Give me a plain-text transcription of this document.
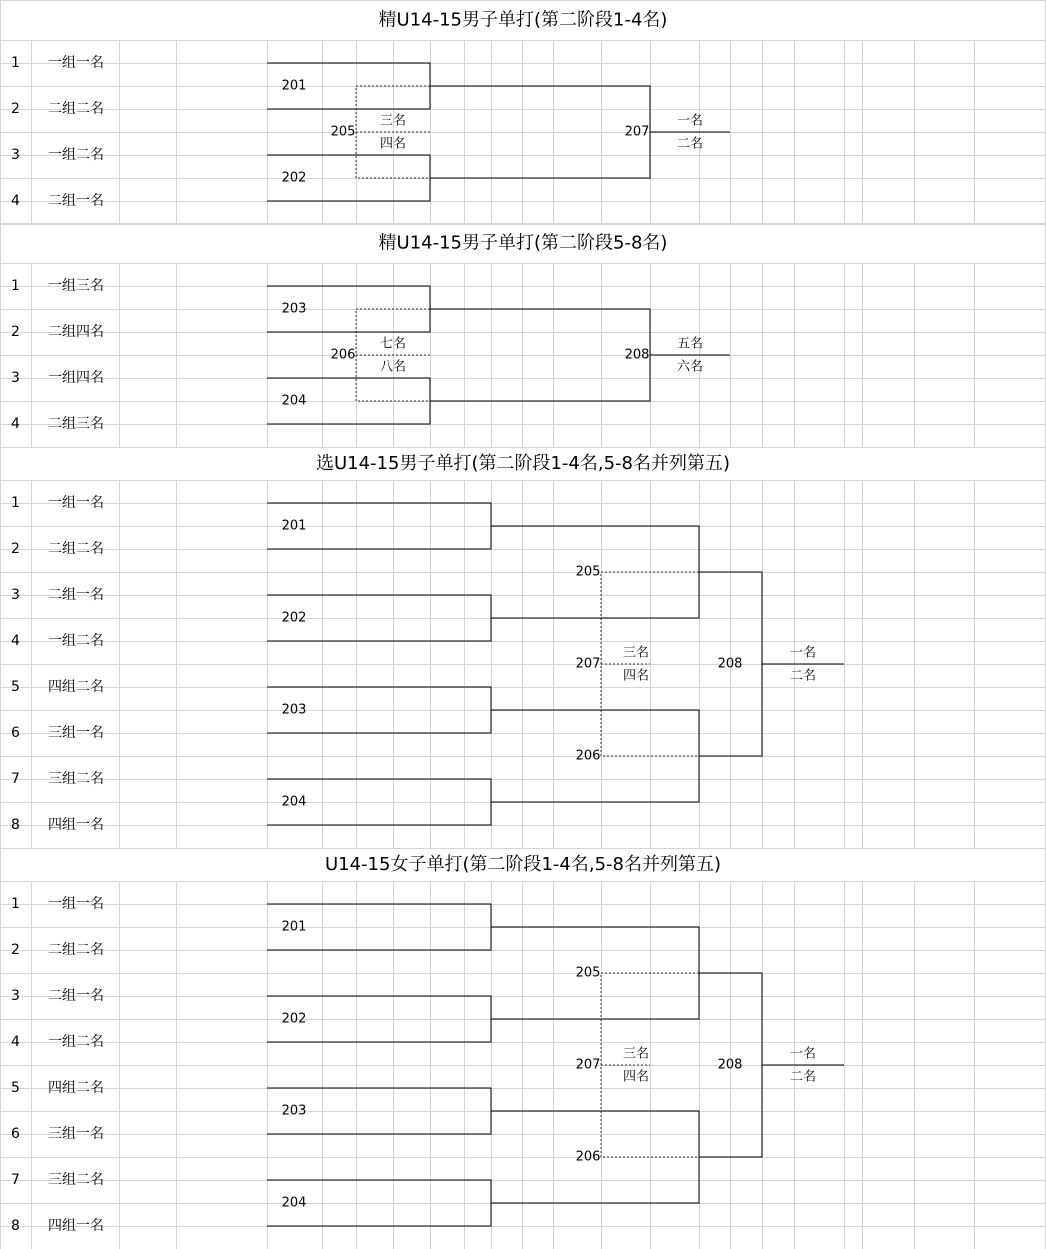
精U14-15男子单打(第二阶段1-4名)
1 一组一名
2 二组二名
3 一组二名
4 二组一名
201
202
207
一名
二名
205
三名
四名
精U14-15男子单打(第二阶段5-8名)
1 一组三名
2 二组四名
3 一组四名
4 二组三名
203
204
208
五名
六名
206
七名
八名
选U14-15男子单打(第二阶段1-4名,5-8名并列第五)
1 一组一名
2 二组二名
3 二组一名
4 一组二名
5 四组二名
6 三组一名
7 三组二名
8 四组一名
201
202
203
204
208
一名
二名
205
206
207
三名
四名
U14-15女子单打(第二阶段1-4名,5-8名并列第五)
1 一组一名
2 二组二名
3 二组一名
4 一组二名
5 四组二名
6 三组一名
7 三组二名
8 四组一名
201
202
203
204
208
一名
二名
205
206
207
三名
四名
